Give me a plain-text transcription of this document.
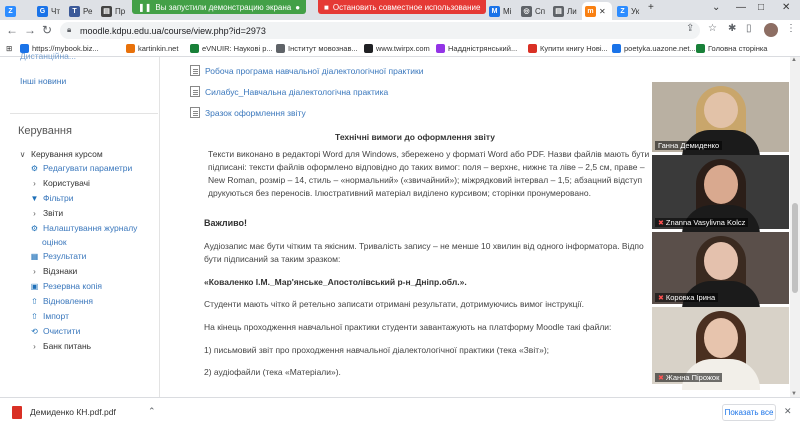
Z	G Чт	T Ре	▤ Пр ❚❚ Вы запустили демонстрацию экрана ●	■ Остановить совместное использование	M Mi	◎ Сп	▤ Ли	m ✕	Z Ук +	⌄ — □ ✕
← → ↻ 🔒︎ moodle.kdpu.edu.ua/course/view.php?id=2973	⇪ ☆ ✱ ▯	⋮
⊞	https://mybook.biz...	kartinkin.net	eVNUIR: Наукові р... Інститут мовознав... www.twirpx.com Наддністрянський...	Купити книгу Нові... poetyka.uazone.net... Головна сторінка
Дистанційна...
Інші новини
Керування
∨ Керування курсом
⚙ Редагувати параметри
› Користувачі
▼ Фільтри
› Звіти
⚙ Налаштування журналу
оцінок
▦ Результати
› Відзнаки
▣ Резервна копія
⇧ Відновлення
⇧ Імпорт
⟲ Очистити
› Банк питань
Робоча програма навчальної діалектологічної практики
Силабус_Навчальна діалектологічна практика
Зразок оформлення звіту
Технічні вимоги до оформлення звіту
Тексти виконано в редакторі Word для Windows, збережено у форматі Word або PDF. Назви файлів мають бути
підписані: тексти файлів оформлено відповідно до таких вимог: поля – верхнє, нижнє та ліве – 2,5 см, праве –
New Roman, розмір – 14, стиль – «нормальний» («звичайний»); міжрядковий інтервал – 1,5; абзацний відступ
друкуються без переносів. Ілюстративний матеріал виділено курсивом; сторінки пронумеровано.
Важливо!
Аудіозапис має бути чітким та якісним. Тривалість запису – не менше 10 хвилин від одного інформатора. Відпо
бути підписаний за таким зразком:
«Коваленко І.М._Мар'янське_Апостолівський р-н_Дніпр.обл.».
Студенти мають чітко й ретельно записати отримані результати, дотримуючись вимог інструкції.
На кінець проходження навчальної практики студенти завантажують на платформу Moodle такі файли:
1) письмовий звіт про проходження навчальної діалектологічної практики (тека «Звіт»);
2) аудіофайли (тека «Матеріали»).
▲
▼
Ганна Демиденко
✖ Znanna Vasylivna Kolcz
✖ Коровка Ірина
✖ Жанна Пірожок
Демиденко КН.pdf.pdf	⌃	Показать все ✕
